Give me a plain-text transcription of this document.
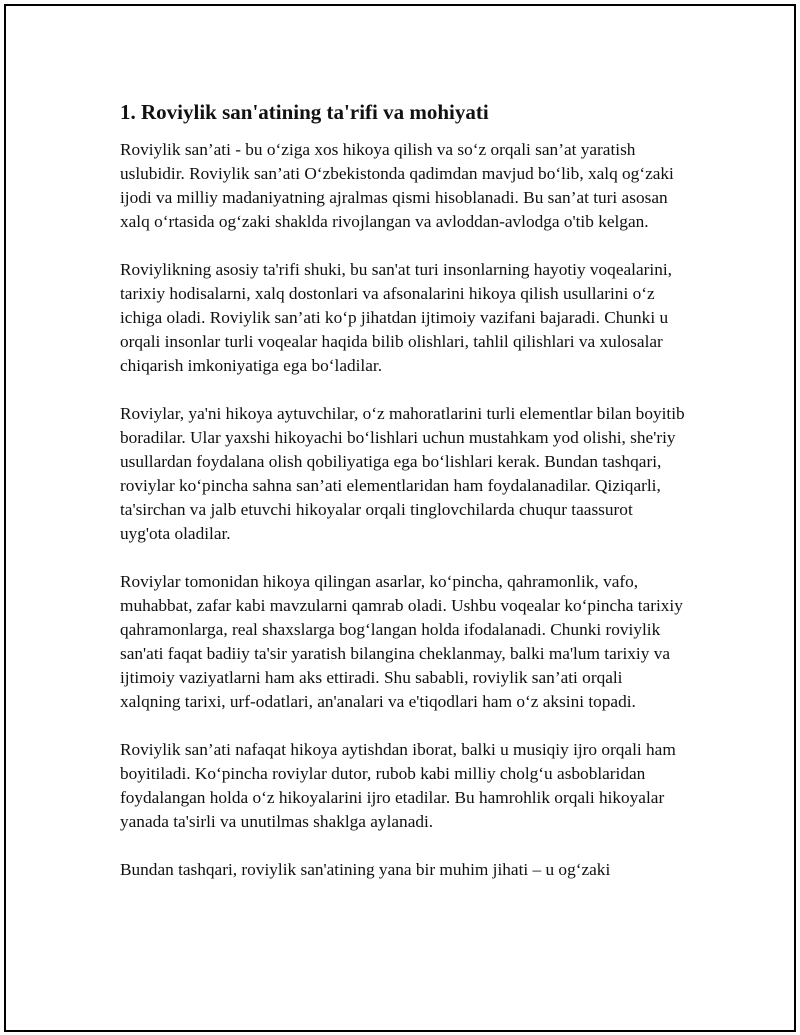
1. Roviylik san'atining ta'rifi va mohiyati

Roviylik san’ati - bu o‘ziga xos hikoya qilish va so‘z orqali san’at yaratish uslubidir. Roviylik san’ati O‘zbekistonda qadimdan mavjud bo‘lib, xalq og‘zaki ijodi va milliy madaniyatning ajralmas qismi hisoblanadi. Bu san’at turi asosan xalq o‘rtasida og‘zaki shaklda rivojlangan va avloddan-avlodga o'tib kelgan.

Roviylikning asosiy ta'rifi shuki, bu san'at turi insonlarning hayotiy voqealarini, tarixiy hodisalarni, xalq dostonlari va afsonalarini hikoya qilish usullarini o‘z ichiga oladi. Roviylik san’ati ko‘p jihatdan ijtimoiy vazifani bajaradi. Chunki u orqali insonlar turli voqealar haqida bilib olishlari, tahlil qilishlari va xulosalar chiqarish imkoniyatiga ega bo‘ladilar.

Roviylar, ya'ni hikoya aytuvchilar, o‘z mahoratlarini turli elementlar bilan boyitib boradilar. Ular yaxshi hikoyachi bo‘lishlari uchun mustahkam yod olishi, she'riy usullardan foydalana olish qobiliyatiga ega bo‘lishlari kerak. Bundan tashqari, roviylar ko‘pincha sahna san’ati elementlaridan ham foydalanadilar. Qiziqarli, ta'sirchan va jalb etuvchi hikoyalar orqali tinglovchilarda chuqur taassurot uyg'ota oladilar.

Roviylar tomonidan hikoya qilingan asarlar, ko‘pincha, qahramonlik, vafo, muhabbat, zafar kabi mavzularni qamrab oladi. Ushbu voqealar ko‘pincha tarixiy qahramonlarga, real shaxslarga bog‘langan holda ifodalanadi. Chunki roviylik san'ati faqat badiiy ta'sir yaratish bilangina cheklanmay, balki ma'lum tarixiy va ijtimoiy vaziyatlarni ham aks ettiradi. Shu sababli, roviylik san’ati orqali xalqning tarixi, urf-odatlari, an'analari va e'tiqodlari ham o‘z aksini topadi.

Roviylik san’ati nafaqat hikoya aytishdan iborat, balki u musiqiy ijro orqali ham boyitiladi. Ko‘pincha roviylar dutor, rubob kabi milliy cholg‘u asboblaridan foydalangan holda o‘z hikoyalarini ijro etadilar. Bu hamrohlik orqali hikoyalar yanada ta'sirli va unutilmas shaklga aylanadi.

Bundan tashqari, roviylik san'atining yana bir muhim jihati – u og‘zaki
